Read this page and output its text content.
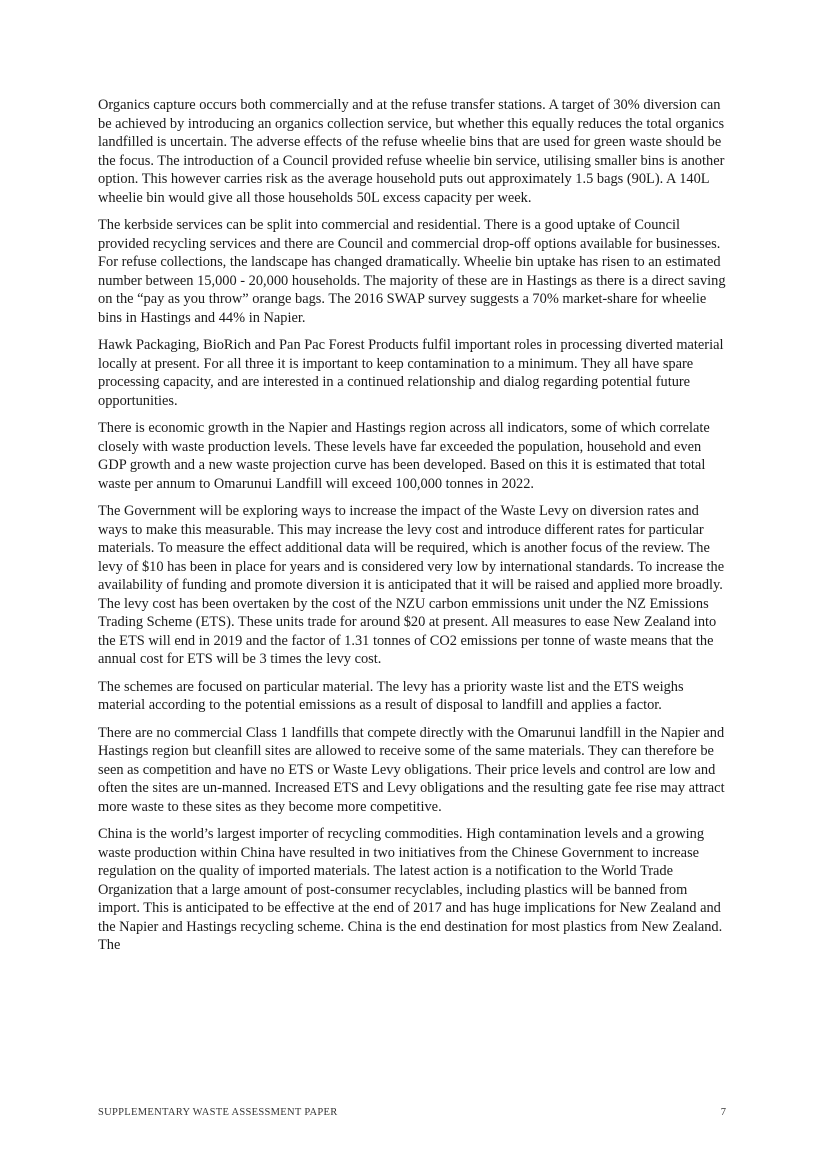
Organics capture occurs both commercially and at the refuse transfer stations. A target of 30% diversion can be achieved by introducing an organics collection service, but whether this equally reduces the total organics landfilled is uncertain. The adverse effects of the refuse wheelie bins that are used for green waste should be the focus. The introduction of a Council provided refuse wheelie bin service, utilising smaller bins is another option. This however carries risk as the average household puts out approximately 1.5 bags (90L). A 140L wheelie bin would give all those households 50L excess capacity per week.

The kerbside services can be split into commercial and residential. There is a good uptake of Council provided recycling services and there are Council and commercial drop-off options available for businesses. For refuse collections, the landscape has changed dramatically. Wheelie bin uptake has risen to an estimated number between 15,000 - 20,000 households. The majority of these are in Hastings as there is a direct saving on the “pay as you throw” orange bags. The 2016 SWAP survey suggests a 70% market-share for wheelie bins in Hastings and 44% in Napier.

Hawk Packaging, BioRich and Pan Pac Forest Products fulfil important roles in processing diverted material locally at present. For all three it is important to keep contamination to a minimum. They all have spare processing capacity, and are interested in a continued relationship and dialog regarding potential future opportunities.

There is economic growth in the Napier and Hastings region across all indicators, some of which correlate closely with waste production levels. These levels have far exceeded the population, household and even GDP growth and a new waste projection curve has been developed. Based on this it is estimated that total waste per annum to Omarunui Landfill will exceed 100,000 tonnes in 2022.

The Government will be exploring ways to increase the impact of the Waste Levy on diversion rates and ways to make this measurable. This may increase the levy cost and introduce different rates for particular materials. To measure the effect additional data will be required, which is another focus of the review. The levy of $10 has been in place for years and is considered very low by international standards. To increase the availability of funding and promote diversion it is anticipated that it will be raised and applied more broadly. The levy cost has been overtaken by the cost of the NZU carbon emmissions unit under the NZ Emissions Trading Scheme (ETS). These units trade for around $20 at present. All measures to ease New Zealand into the ETS will end in 2019 and the factor of 1.31 tonnes of CO2 emissions per tonne of waste means that the annual cost for ETS will be 3 times the levy cost.

The schemes are focused on particular material. The levy has a priority waste list and the ETS weighs material according to the potential emissions as a result of disposal to landfill and applies a factor.

There are no commercial Class 1 landfills that compete directly with the Omarunui landfill in the Napier and Hastings region but cleanfill sites are allowed to receive some of the same materials. They can therefore be seen as competition and have no ETS or Waste Levy obligations. Their price levels and control are low and often the sites are un-manned. Increased ETS and Levy obligations and the resulting gate fee rise may attract more waste to these sites as they become more competitive.

China is the world’s largest importer of recycling commodities. High contamination levels and a growing waste production within China have resulted in two initiatives from the Chinese Government to increase regulation on the quality of imported materials. The latest action is a notification to the World Trade Organization that a large amount of post-consumer recyclables, including plastics will be banned from import. This is anticipated to be effective at the end of 2017 and has huge implications for New Zealand and the Napier and Hastings recycling scheme. China is the end destination for most plastics from New Zealand. The

SUPPLEMENTARY WASTE ASSESSMENT PAPER	7
